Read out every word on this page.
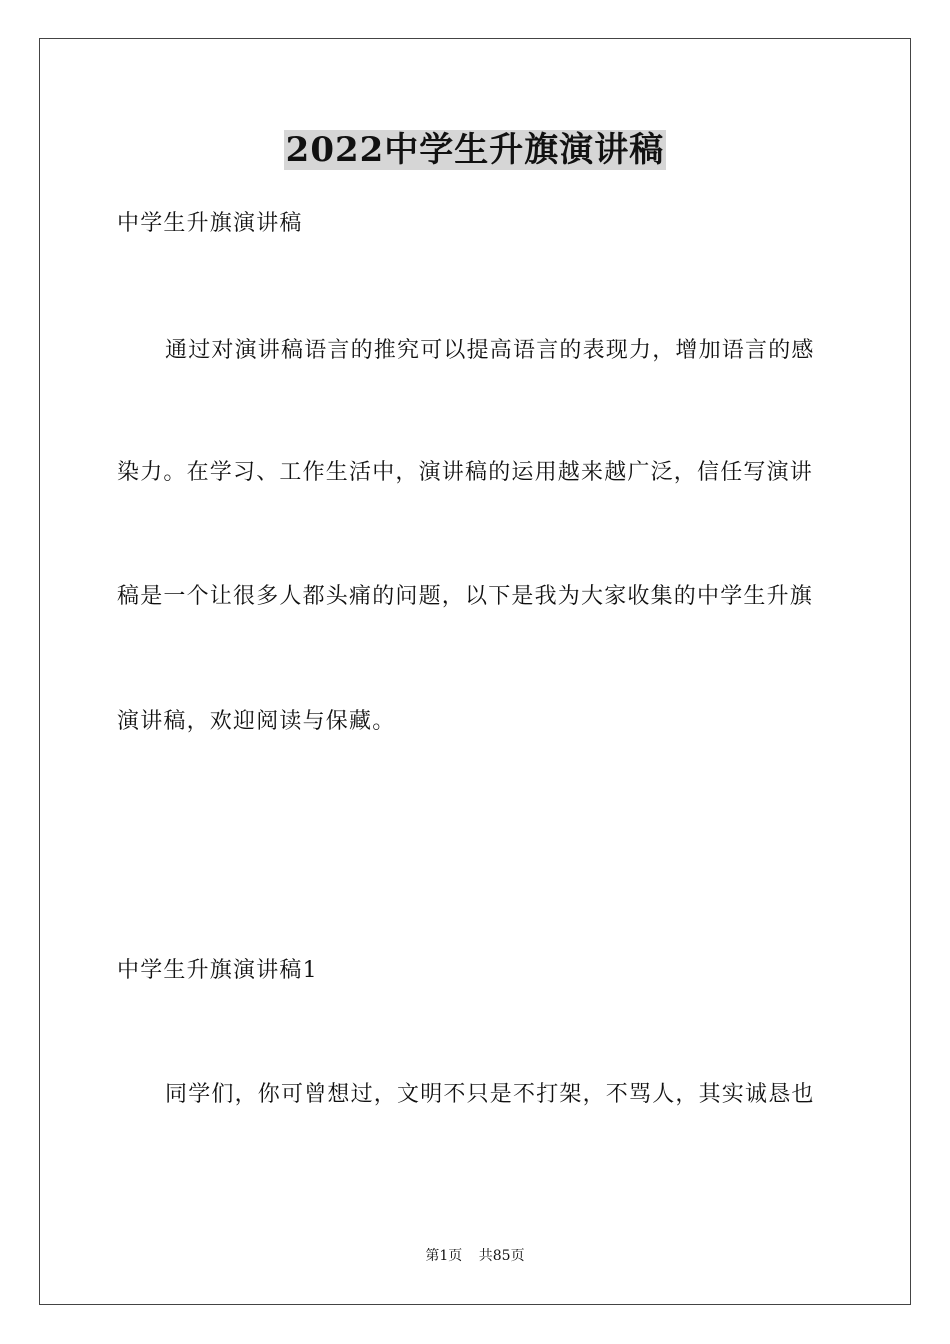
2022中学生升旗演讲稿
中学生升旗演讲稿
通过对演讲稿语言的推究可以提高语言的表现力，增加语言的感
染力。在学习、工作生活中，演讲稿的运用越来越广泛，信任写演讲
稿是一个让很多人都头痛的问题，以下是我为大家收集的中学生升旗
演讲稿，欢迎阅读与保藏。
中学生升旗演讲稿1
同学们，你可曾想过，文明不只是不打架，不骂人，其实诚恳也
第1页 共85页
